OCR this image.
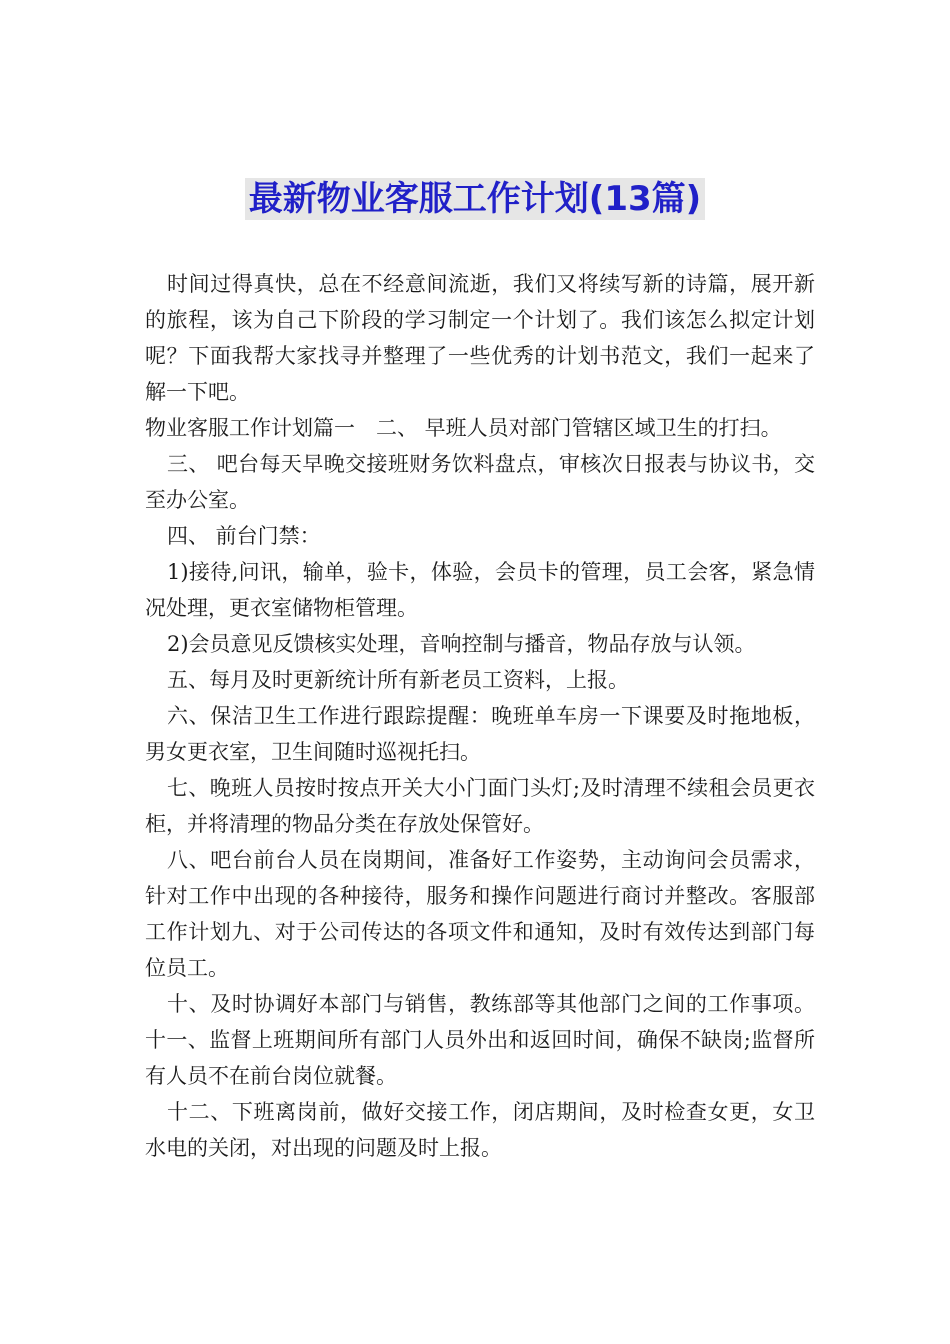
最新物业客服工作计划(13篇)

时间过得真快，总在不经意间流逝，我们又将续写新的诗篇，展开新的旅程，该为自己下阶段的学习制定一个计划了。我们该怎么拟定计划呢？下面我帮大家找寻并整理了一些优秀的计划书范文，我们一起来了解一下吧。

物业客服工作计划篇一　二、 早班人员对部门管辖区域卫生的打扫。

三、 吧台每天早晚交接班财务饮料盘点，审核次日报表与协议书，交至办公室。

四、 前台门禁：

1)接待,问讯，输单，验卡，体验，会员卡的管理，员工会客，紧急情况处理，更衣室储物柜管理。

2)会员意见反馈核实处理，音响控制与播音，物品存放与认领。

五、每月及时更新统计所有新老员工资料，上报。

六、保洁卫生工作进行跟踪提醒：晚班单车房一下课要及时拖地板，男女更衣室，卫生间随时巡视托扫。

七、晚班人员按时按点开关大小门面门头灯;及时清理不续租会员更衣柜，并将清理的物品分类在存放处保管好。

八、吧台前台人员在岗期间，准备好工作姿势，主动询问会员需求，针对工作中出现的各种接待，服务和操作问题进行商讨并整改。客服部工作计划九、对于公司传达的各项文件和通知，及时有效传达到部门每位员工。

十、及时协调好本部门与销售，教练部等其他部门之间的工作事项。 十一、监督上班期间所有部门人员外出和返回时间，确保不缺岗;监督所有人员不在前台岗位就餐。

十二、下班离岗前，做好交接工作，闭店期间，及时检查女更，女卫水电的关闭，对出现的问题及时上报。
